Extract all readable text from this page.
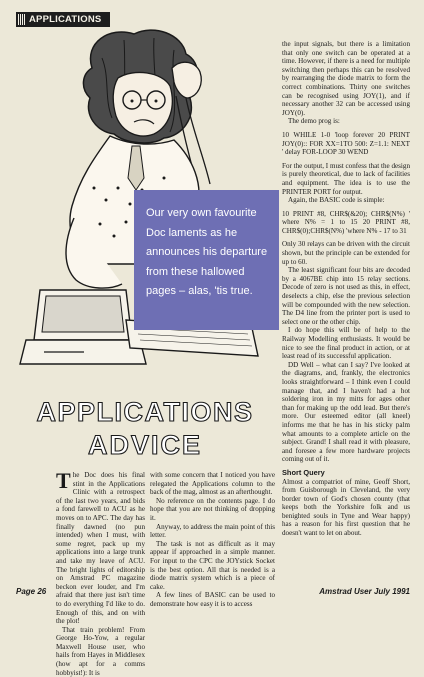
APPLICATIONS
Our very own favourite Doc laments as he announces his departure from these hallowed pages – alas, 'tis true.
APPLICATIONS
ADVICE

The Doc does his final stint in the Applications Clinic with a retrospect of the last two years, and bids a fond farewell to ACU as he moves on to APC. The day has finally dawned (no pun intended) when I must, with some regret, pack up my applications into a large trunk and take my leave of ACU. The bright lights of editorship on Amstrad PC magazine beckon ever louder, and I'm afraid that there just isn't time to do everything I'd like to do. Enough of this, and on with the plot!

That train problem! From George Ho-Yow, a regular Maxwell House user, who hails from Hayes in Middlesex (how apt for a comms hobbyist!): It is

with some concern that I noticed you have relegated the Applications column to the back of the mag, almost as an afterthought.

No reference on the contents page. I do hope that you are not thinking of dropping it.

Anyway, to address the main point of this letter.

The task is not as difficult as it may appear if approached in a simple manner. For input to the CPC the JOYstick Socket is the best option. All that is needed is a diode matrix system which is a piece of cake.

A few lines of BASIC can be used to demonstrate how easy it is to access

the input signals, but there is a limitation that only one switch can be operated at a time. However, if there is a need for multiple switching then perhaps this can be resolved by rearranging the diode matrix to form the correct combinations. Thirty one switches can be recognised using JOY(1), and if necessary another 32 can be accessed using JOY(0).

The demo prog is:

10 WHILE 1-0 'loop forever 20 PRINT JOY(0):: FOR XX=1TO 500: Z=1.1: NEXT ' delay FOR-LOOP 30 WEND

For the output, I must confess that the design is purely theoretical, due to lack of facilities and equipment. The idea is to use the PRINTER PORT for output.

Again, the BASIC code is simple:

10 PRINT #8, CHR$(&20); CHR$(N%) ' where N% = 1 to 15 20 PRINT #8, CHR$(0);CHR$(N%) 'where N% - 17 to 31

Only 30 relays can be driven with the circuit shown, but the principle can be extended for up to 60.

The least significant four bits are decoded by a 4067BE chip into 15 relay sections. Decode of zero is not used as this, in effect, deselects a chip, else the previous selection will be compounded with the new selection. The D4 line from the printer port is used to select one or the other chip.

I do hope this will be of help to the Railway Modelling enthusiasts. It would be nice to see the final product in action, or at least read of its successful application.

DD Well – what can I say? I've looked at the diagrams, and, frankly, the electronics looks straightforward – I think even I could manage that, and I haven't had a hot soldering iron in my mitts for ages other than for making up the odd lead. But there's more. Our esteemed editor (all kneel) informs me that he has in his sticky palm what amounts to a complete article on the subject. Grand! I shall read it with pleasure, and foresee a few more hardware projects coming out of it.

Short Query

Almost a compatriot of mine, Geoff Short, from Guisborough in Cleveland, the very border town of God's chosen county (that keeps both the Yorkshire folk and us benighted souls in Tyne and Wear happy) has a reason for his first question that he doesn't want to let on about.

Page 26	Amstrad User July 1991
